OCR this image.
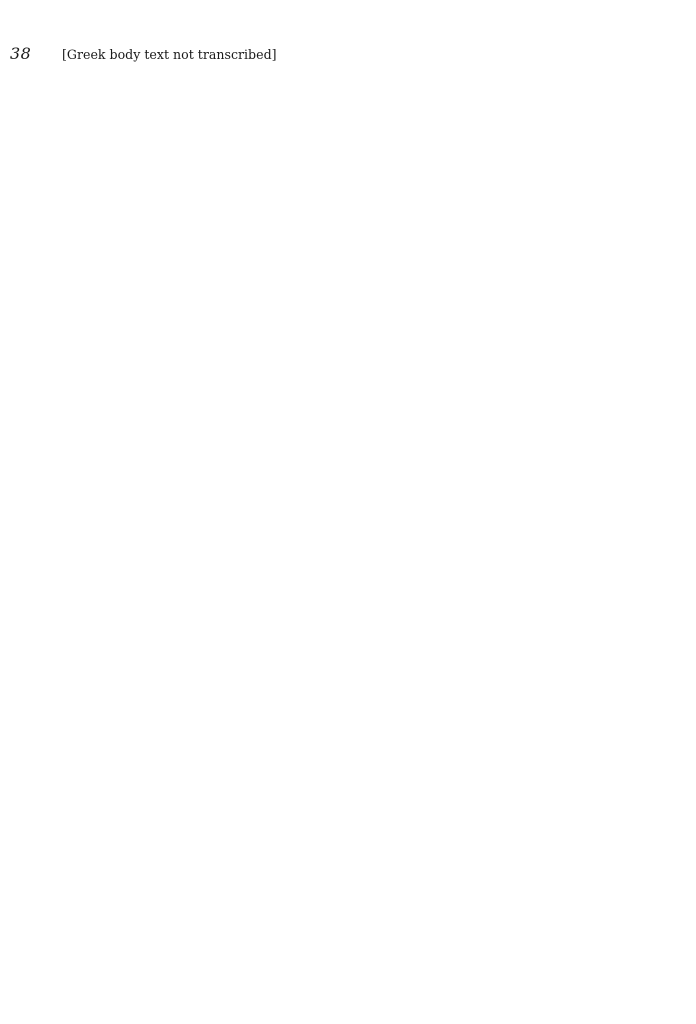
38 [Greek body text not transcribed]
